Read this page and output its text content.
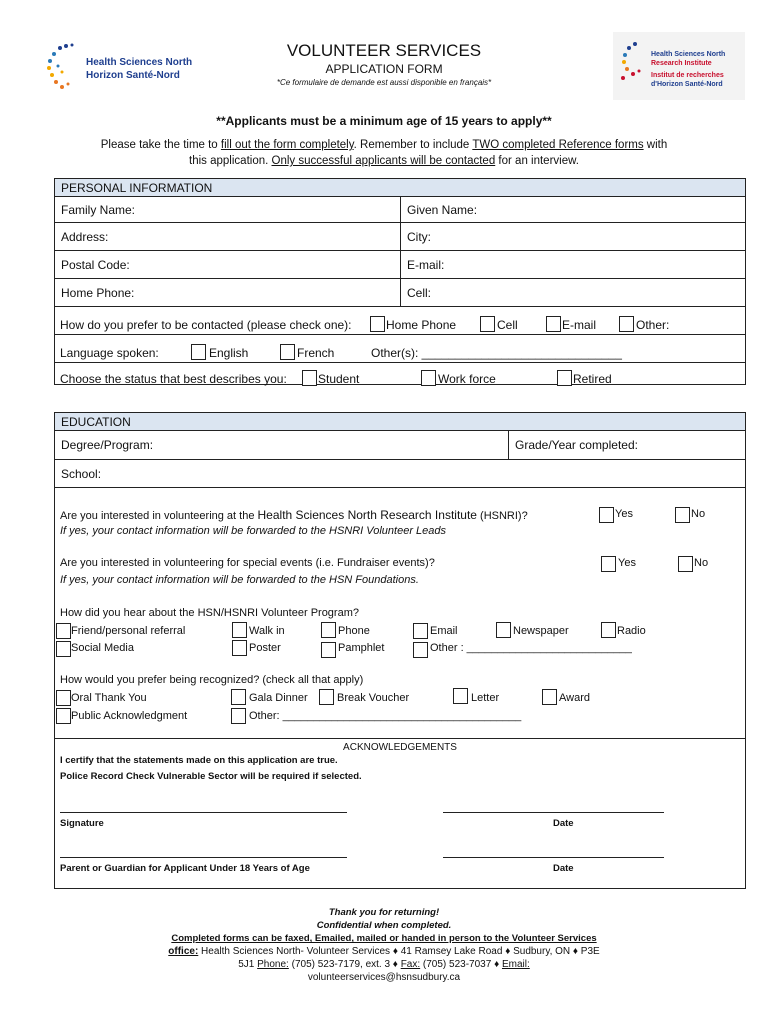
Health Sciences North
Horizon Santé-Nord
VOLUNTEER SERVICES
APPLICATION FORM
*Ce formulaire de demande est aussi disponible en français*
Health Sciences North
Research Institute
Institut de recherches
d'Horizon Santé-Nord
**Applicants must be a minimum age of 15 years to apply**
Please take the time to fill out the form completely. Remember to include TWO completed Reference forms with
this application. Only successful applicants will be contacted for an interview.
PERSONAL INFORMATION	
Family Name:	Given Name:
Address:	City:
Postal Code:	E-mail:
Home Phone:	Cell:

How do you prefer to be contacted (please check one):	Home Phone	Cell	E-mail	Other:
Language spoken:	English	French	Other(s): ______________________________
Choose the status that best describes you:	Student	Work force	Retired
EDUCATION
Degree/Program:	Grade/Year completed:
School:

Are you interested in volunteering at the Health Sciences North Research Institute (HSNRI)?
If yes, your contact information will be forwarded to the HSNRI Volunteer Leads
Yes	No
Are you interested in volunteering for special events (i.e. Fundraiser events)?
If yes, your contact information will be forwarded to the HSN Foundations.
Yes	No
How did you hear about the HSN/HSNRI Volunteer Program?
Friend/personal referral	Walk in	Phone	Email	Newspaper	Radio
Social Media	Poster	Pamphlet	Other : ___________________________
How would you prefer being recognized? (check all that apply)
Oral Thank You	Gala Dinner	Break Voucher	Letter	Award
Public Acknowledgment	Other: _______________________________________
ACKNOWLEDGEMENTS
I certify that the statements made on this application are true.
Police Record Check Vulnerable Sector will be required if selected.
Signature	Date
Parent or Guardian for Applicant Under 18 Years of Age	Date
Thank you for returning!
Confidential when completed.
Completed forms can be faxed, Emailed, mailed or handed in person to the Volunteer Services
office: Health Sciences North- Volunteer Services ♦ 41 Ramsey Lake Road ♦ Sudbury, ON ♦ P3E
5J1 Phone: (705) 523-7179, ext. 3 ♦ Fax: (705) 523-7037 ♦ Email:
volunteerservices@hsnsudbury.ca
